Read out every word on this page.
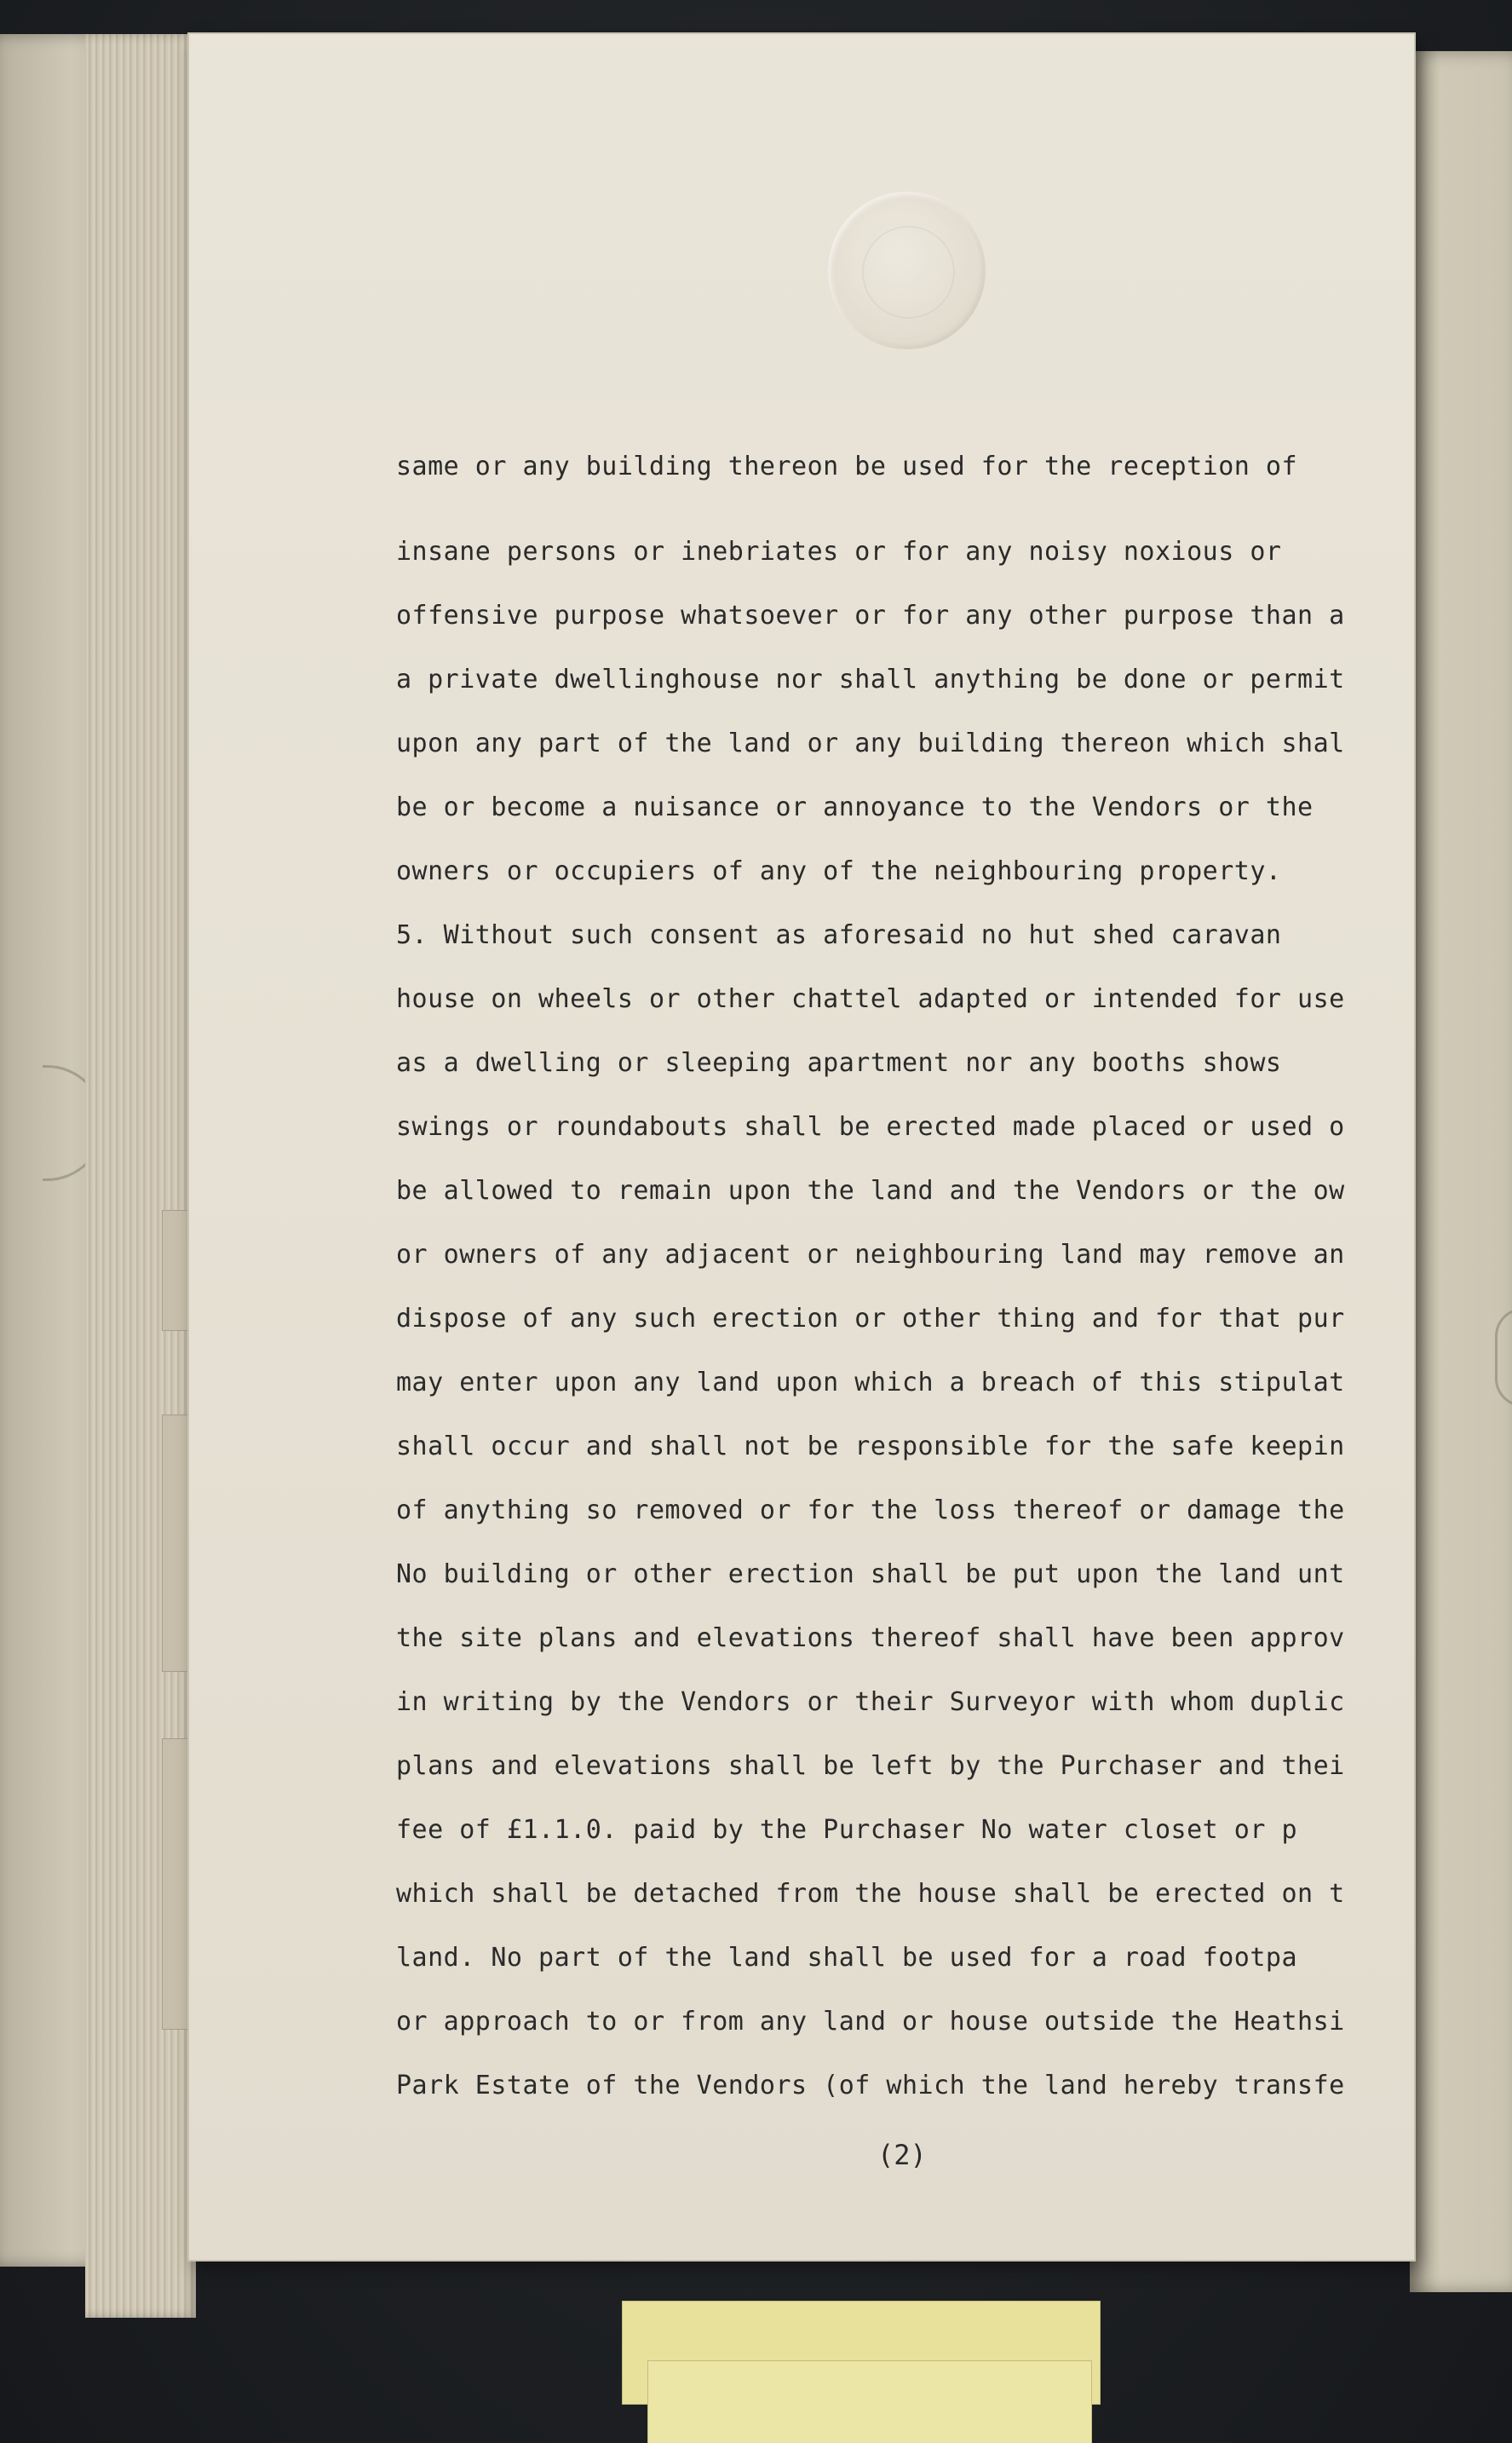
same or any building thereon be used for the reception of
insane persons or inebriates or for any noisy noxious or
offensive purpose whatsoever or for any other purpose than a
a private dwellinghouse nor shall anything be done or permit
upon any part of the land or any building thereon which shal
be or become a nuisance or annoyance to the Vendors or the
owners or occupiers of any of the neighbouring property.
5. Without such consent as aforesaid no hut shed caravan
house on wheels or other chattel adapted or intended for use
as a dwelling or sleeping apartment nor any booths shows
swings or roundabouts shall be erected made placed or used o
be allowed to remain upon the land and the Vendors or the ow
or owners of any adjacent or neighbouring land may remove an
dispose of any such erection or other thing and for that pur
may enter upon any land upon which a breach of this stipulat
shall occur and shall not be responsible for the safe keepin
of anything so removed or for the loss thereof or damage the
No building or other erection shall be put upon the land unt
the site plans and elevations thereof shall have been approv
in writing by the Vendors or their Surveyor with whom duplic
plans and elevations shall be left by the Purchaser and thei
fee of £1.1.0. paid by the Purchaser No water closet or p
which shall be detached from the house shall be erected on t
land. No part of the land shall be used for a road footpa
or approach to or from any land or house outside the Heathsi
Park Estate of the Vendors (of which the land hereby transfe
(2)
